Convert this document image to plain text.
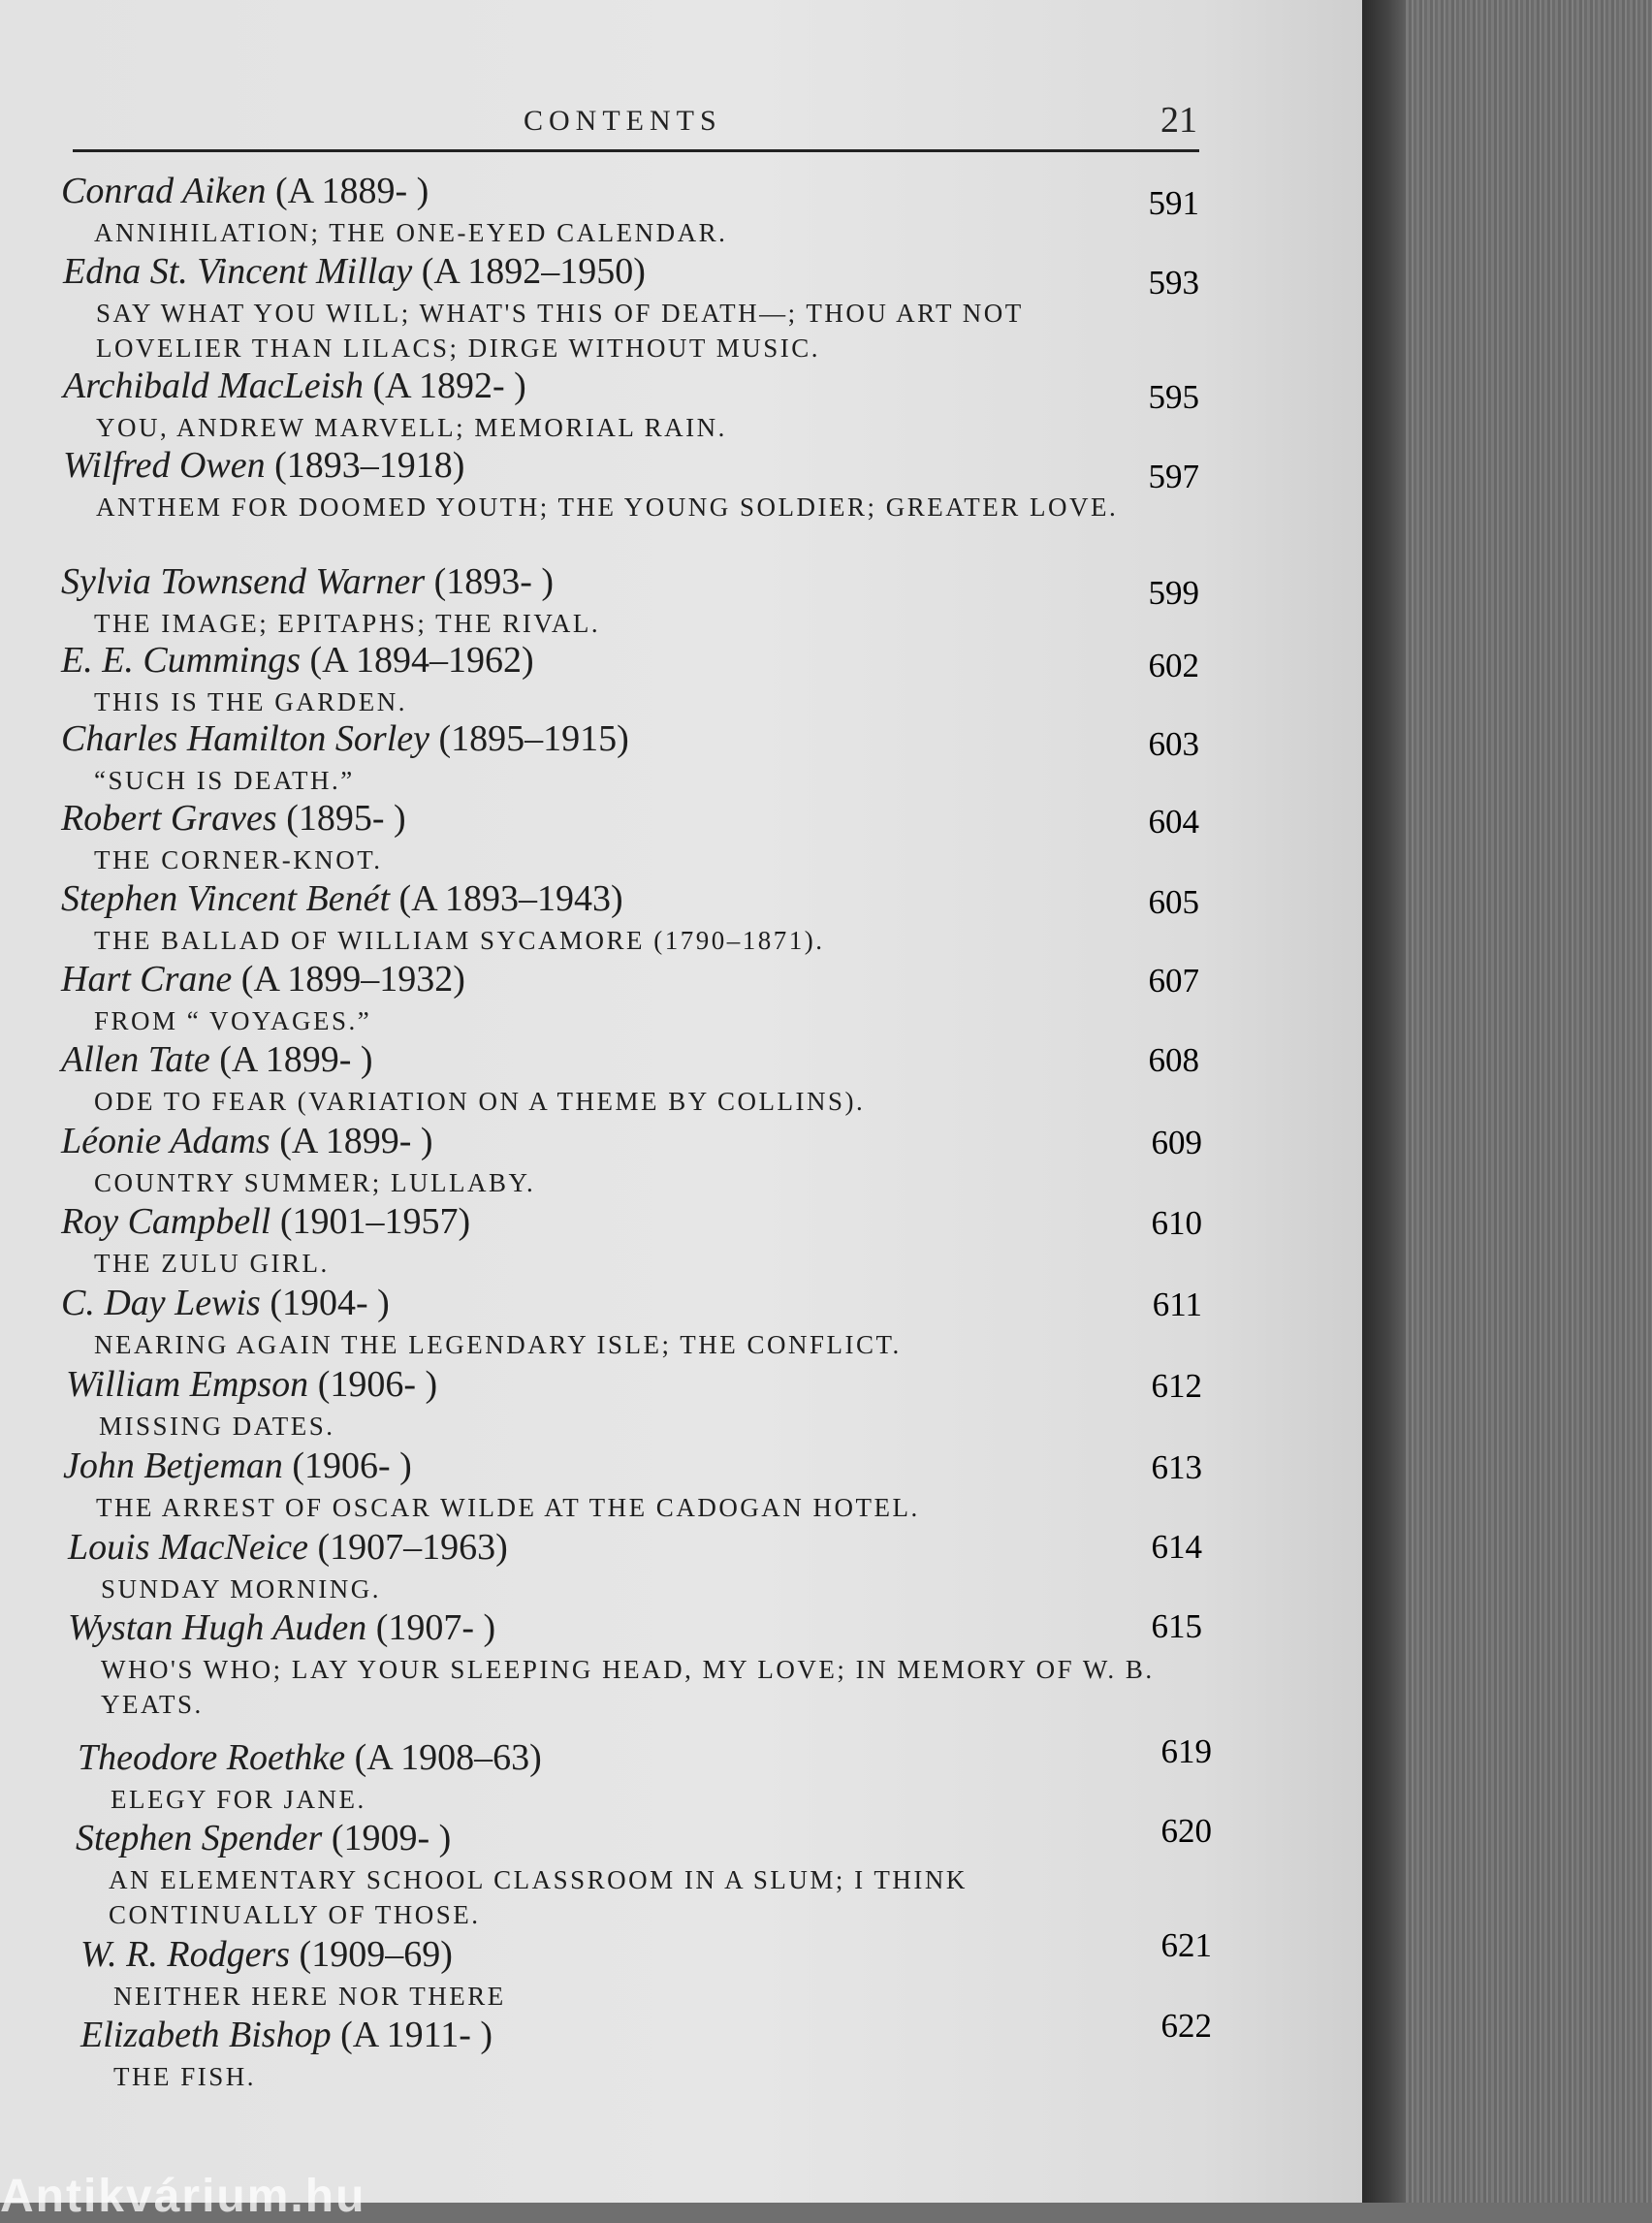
CONTENTS	21
Conrad Aiken (A 1889- )
ANNIHILATION; THE ONE-EYED CALENDAR.
591
Edna St. Vincent Millay (A 1892–1950)
SAY WHAT YOU WILL; WHAT'S THIS OF DEATH—; THOU ART NOT LOVELIER THAN LILACS; DIRGE WITHOUT MUSIC.
593
Archibald MacLeish (A 1892- )
YOU, ANDREW MARVELL; MEMORIAL RAIN.
595
Wilfred Owen (1893–1918)
ANTHEM FOR DOOMED YOUTH; THE YOUNG SOLDIER; GREATER LOVE.
597
Sylvia Townsend Warner (1893- )
THE IMAGE; EPITAPHS; THE RIVAL.
599
E. E. Cummings (A 1894–1962)
THIS IS THE GARDEN.
602
Charles Hamilton Sorley (1895–1915)
“SUCH IS DEATH.”
603
Robert Graves (1895- )
THE CORNER-KNOT.
604
Stephen Vincent Benét (A 1893–1943)
THE BALLAD OF WILLIAM SYCAMORE (1790–1871).
605
Hart Crane (A 1899–1932)
FROM “ VOYAGES.”
607
Allen Tate (A 1899- )
ODE TO FEAR (VARIATION ON A THEME BY COLLINS).
608
Léonie Adams (A 1899- )
COUNTRY SUMMER; LULLABY.
609
Roy Campbell (1901–1957)
THE ZULU GIRL.
610
C. Day Lewis (1904- )
NEARING AGAIN THE LEGENDARY ISLE; THE CONFLICT.
611
William Empson (1906- )
MISSING DATES.
612
John Betjeman (1906- )
THE ARREST OF OSCAR WILDE AT THE CADOGAN HOTEL.
613
Louis MacNeice (1907–1963)
SUNDAY MORNING.
614
Wystan Hugh Auden (1907- )
WHO'S WHO; LAY YOUR SLEEPING HEAD, MY LOVE; IN MEMORY OF W. B. YEATS.
615
Theodore Roethke (A 1908–63)
ELEGY FOR JANE.
619
Stephen Spender (1909- )
AN ELEMENTARY SCHOOL CLASSROOM IN A SLUM; I THINK CONTINUALLY OF THOSE.
620
W. R. Rodgers (1909–69)
NEITHER HERE NOR THERE
621
Elizabeth Bishop (A 1911- )
THE FISH.
622
Antikvárium.hu
